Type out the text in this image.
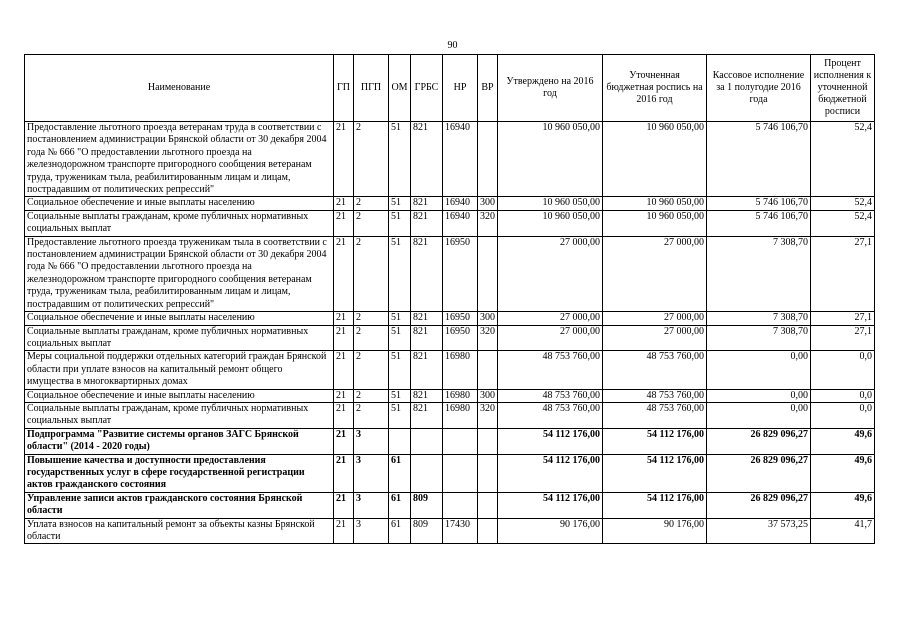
90
Наименование	ГП	ПГП	ОМ	ГРБС	НР	ВР	Утверждено на 2016 год	Уточненная бюджетная роспись на 2016 год	Кассовое исполнение за 1 полугодие 2016 года	Процент исполнения к уточненной бюджетной росписи
Предоставление льготного проезда ветеранам труда в соответствии с постановлением администрации Брянской области от 30 декабря 2004 года № 666 "О предоставлении льготного проезда на железнодорожном транспорте пригородного сообщения ветеранам труда, труженикам тыла, реабилитированным лицам и лицам, пострадавшим от политических репрессий"	21	2	51	821	16940		10 960 050,00	10 960 050,00	5 746 106,70	52,4
Социальное обеспечение и иные выплаты населению	21	2	51	821	16940	300	10 960 050,00	10 960 050,00	5 746 106,70	52,4
Социальные выплаты гражданам, кроме публичных нормативных социальных выплат	21	2	51	821	16940	320	10 960 050,00	10 960 050,00	5 746 106,70	52,4
Предоставление льготного проезда труженикам тыла в соответствии с постановлением администрации Брянской области от 30 декабря 2004 года № 666 "О предоставлении льготного проезда на железнодорожном транспорте пригородного сообщения ветеранам труда, труженикам тыла, реабилитированным лицам и лицам, пострадавшим от политических репрессий"	21	2	51	821	16950		27 000,00	27 000,00	7 308,70	27,1
Социальное обеспечение и иные выплаты населению	21	2	51	821	16950	300	27 000,00	27 000,00	7 308,70	27,1
Социальные выплаты гражданам, кроме публичных нормативных социальных выплат	21	2	51	821	16950	320	27 000,00	27 000,00	7 308,70	27,1
Меры социальной поддержки отдельных категорий граждан Брянской области при уплате взносов на капитальный ремонт общего имущества в многоквартирных домах	21	2	51	821	16980		48 753 760,00	48 753 760,00	0,00	0,0
Социальное обеспечение и иные выплаты населению	21	2	51	821	16980	300	48 753 760,00	48 753 760,00	0,00	0,0
Социальные выплаты гражданам, кроме публичных нормативных социальных выплат	21	2	51	821	16980	320	48 753 760,00	48 753 760,00	0,00	0,0
Подпрограмма "Развитие системы органов ЗАГС Брянской области" (2014 - 2020 годы)	21	3					54 112 176,00	54 112 176,00	26 829 096,27	49,6
Повышение качества и доступности предоставления государственных услуг в сфере государственной регистрации актов гражданского состояния	21	3	61				54 112 176,00	54 112 176,00	26 829 096,27	49,6
Управление записи актов гражданского состояния Брянской области	21	3	61	809			54 112 176,00	54 112 176,00	26 829 096,27	49,6
Уплата взносов на капитальный ремонт за объекты казны Брянской области	21	3	61	809	17430		90 176,00	90 176,00	37 573,25	41,7
